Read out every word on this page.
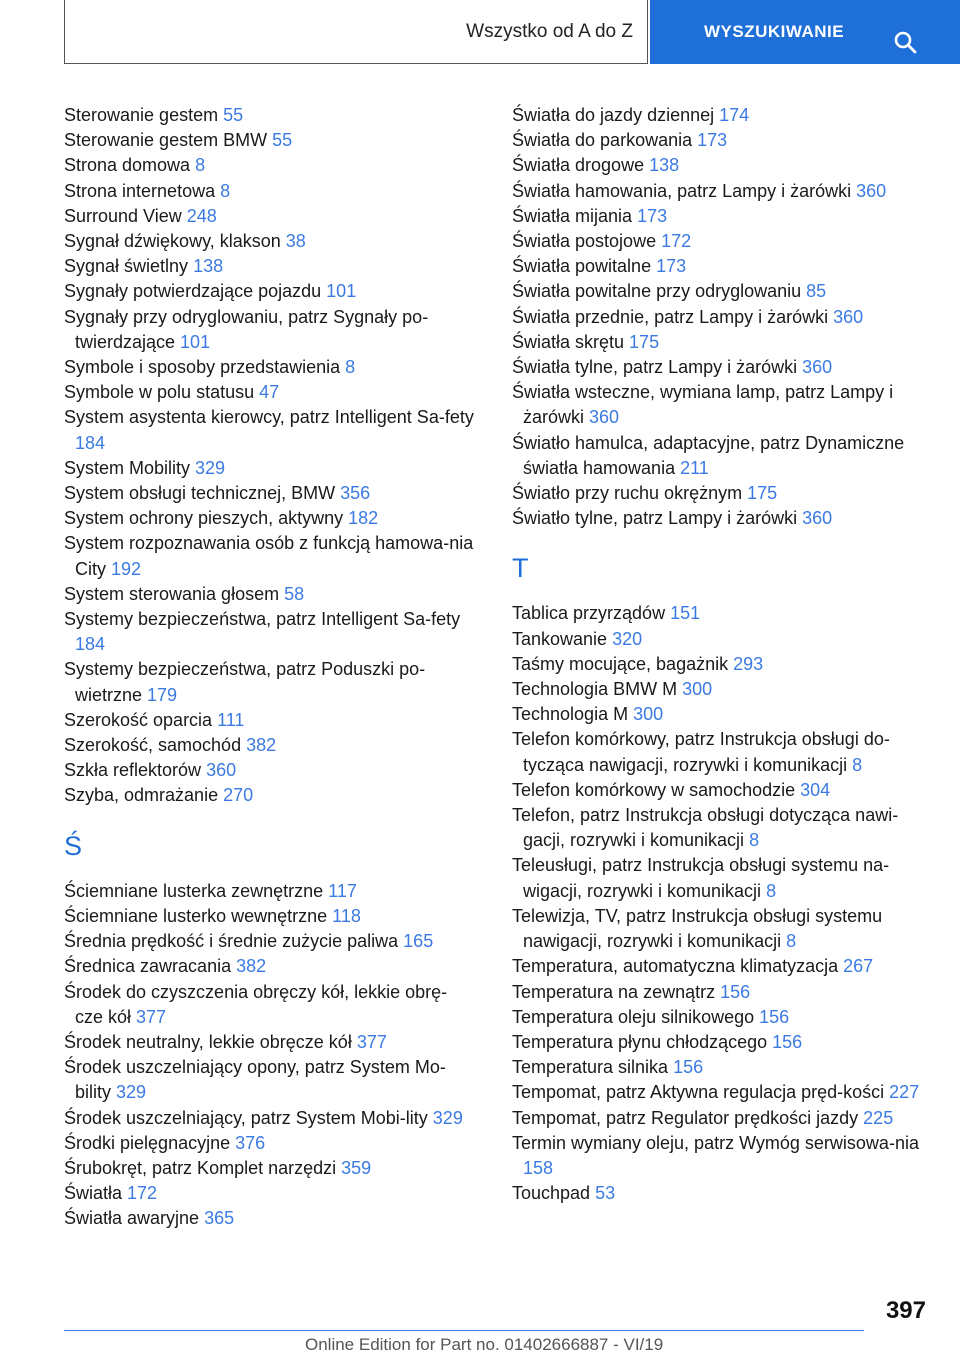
Wszystko od A do Z	WYSZUKIWANIE
Sterowanie gestem 55
Sterowanie gestem BMW 55
Strona domowa 8
Strona internetowa 8
Surround View 248
Sygnał dźwiękowy, klakson 38
Sygnał świetlny 138
Sygnały potwierdzające pojazdu 101
Sygnały przy odryglowaniu, patrz Sygnały po‐twierdzające 101
Symbole i sposoby przedstawienia 8
Symbole w polu statusu 47
System asystenta kierowcy, patrz Intelligent Sa‐fety 184
System Mobility 329
System obsługi technicznej, BMW 356
System ochrony pieszych, aktywny 182
System rozpoznawania osób z funkcją hamowa‐nia City 192
System sterowania głosem 58
Systemy bezpieczeństwa, patrz Intelligent Sa‐fety 184
Systemy bezpieczeństwa, patrz Poduszki po‐wietrzne 179
Szerokość oparcia 111
Szerokość, samochód 382
Szkła reflektorów 360
Szyba, odmrażanie 270
Ś
Ściemniane lusterka zewnętrzne 117
Ściemniane lusterko wewnętrzne 118
Średnia prędkość i średnie zużycie paliwa 165
Średnica zawracania 382
Środek do czyszczenia obręczy kół, lekkie obrę‐cze kół 377
Środek neutralny, lekkie obręcze kół 377
Środek uszczelniający opony, patrz System Mo‐bility 329
Środek uszczelniający, patrz System Mobi‐lity 329
Środki pielęgnacyjne 376
Śrubokręt, patrz Komplet narzędzi 359
Światła 172
Światła awaryjne 365
Światła do jazdy dziennej 174
Światła do parkowania 173
Światła drogowe 138
Światła hamowania, patrz Lampy i żarówki 360
Światła mijania 173
Światła postojowe 172
Światła powitalne 173
Światła powitalne przy odryglowaniu 85
Światła przednie, patrz Lampy i żarówki 360
Światła skrętu 175
Światła tylne, patrz Lampy i żarówki 360
Światła wsteczne, wymiana lamp, patrz Lampy i żarówki 360
Światło hamulca, adaptacyjne, patrz Dynamiczne światła hamowania 211
Światło przy ruchu okrężnym 175
Światło tylne, patrz Lampy i żarówki 360
T
Tablica przyrządów 151
Tankowanie 320
Taśmy mocujące, bagażnik 293
Technologia BMW M 300
Technologia M 300
Telefon komórkowy, patrz Instrukcja obsługi do‐tycząca nawigacji, rozrywki i komunikacji 8
Telefon komórkowy w samochodzie 304
Telefon, patrz Instrukcja obsługi dotycząca nawi‐gacji, rozrywki i komunikacji 8
Teleusługi, patrz Instrukcja obsługi systemu na‐wigacji, rozrywki i komunikacji 8
Telewizja, TV, patrz Instrukcja obsługi systemu nawigacji, rozrywki i komunikacji 8
Temperatura, automatyczna klimatyzacja 267
Temperatura na zewnątrz 156
Temperatura oleju silnikowego 156
Temperatura płynu chłodzącego 156
Temperatura silnika 156
Tempomat, patrz Aktywna regulacja pręd‐kości 227
Tempomat, patrz Regulator prędkości jazdy 225
Termin wymiany oleju, patrz Wymóg serwisowa‐nia 158
Touchpad 53
397
Online Edition for Part no. 01402666887 - VI/19
